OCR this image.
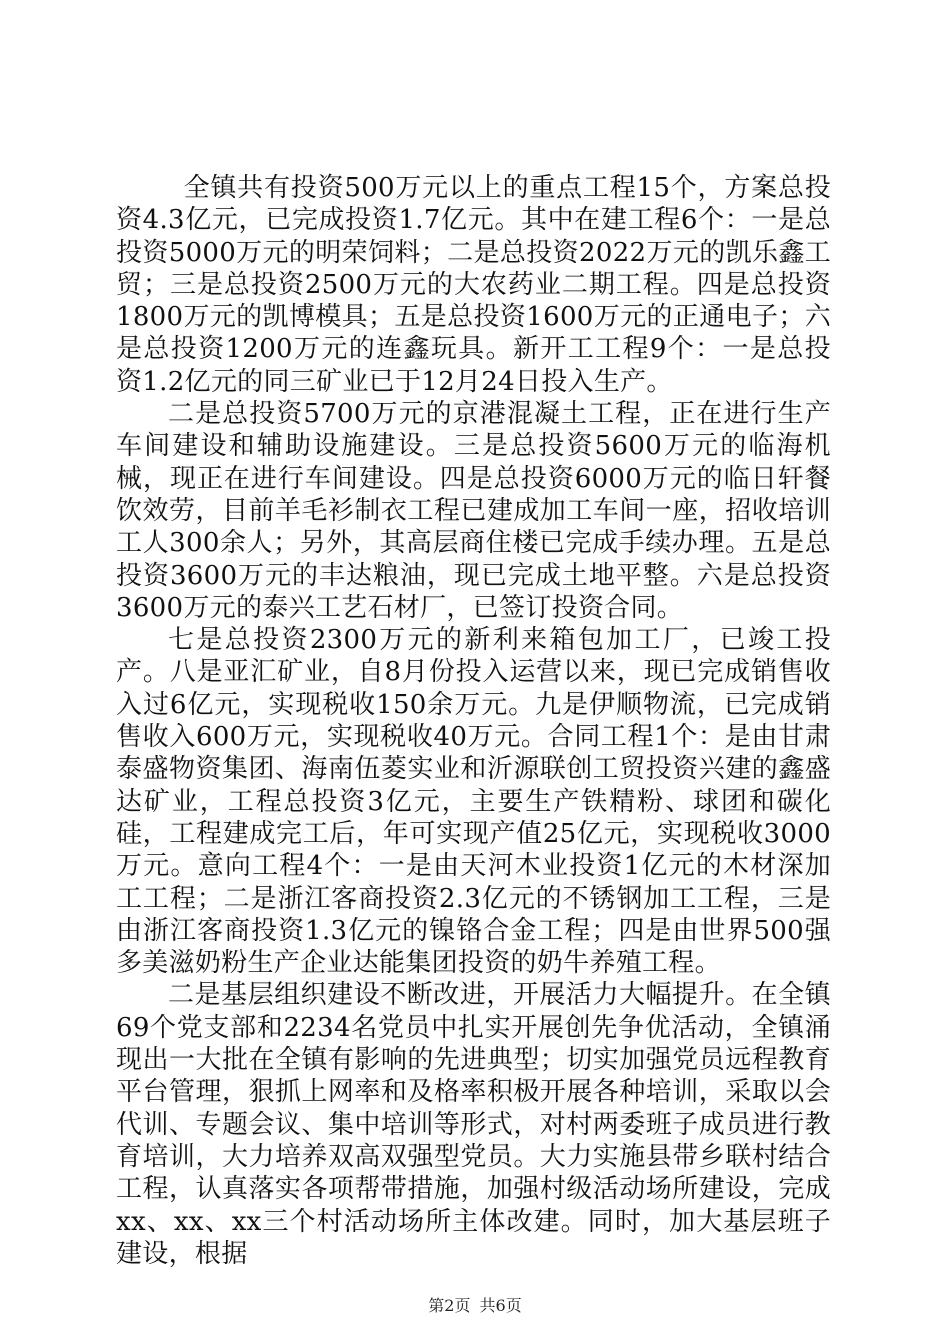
全镇共有投资500万元以上的重点工程15个，方案总投资4.3亿元，已完成投资1.7亿元。其中在建工程6个：一是总投资5000万元的明荣饲料；二是总投资2022万元的凯乐鑫工贸；三是总投资2500万元的大农药业二期工程。四是总投资1800万元的凯博模具；五是总投资1600万元的正通电子；六是总投资1200万元的连鑫玩具。新开工工程9个：一是总投资1.2亿元的同三矿业已于12月24日投入生产。

二是总投资5700万元的京港混凝土工程，正在进行生产车间建设和辅助设施建设。三是总投资5600万元的临海机械，现正在进行车间建设。四是总投资6000万元的临日轩餐饮效劳，目前羊毛衫制衣工程已建成加工车间一座，招收培训工人300余人；另外，其高层商住楼已完成手续办理。五是总投资3600万元的丰达粮油，现已完成土地平整。六是总投资3600万元的泰兴工艺石材厂，已签订投资合同。

七是总投资2300万元的新利来箱包加工厂，已竣工投产。八是亚汇矿业，自8月份投入运营以来，现已完成销售收入过6亿元，实现税收150余万元。九是伊顺物流，已完成销售收入600万元，实现税收40万元。合同工程1个：是由甘肃泰盛物资集团、海南伍菱实业和沂源联创工贸投资兴建的鑫盛达矿业，工程总投资3亿元，主要生产铁精粉、球团和碳化硅，工程建成完工后，年可实现产值25亿元，实现税收3000万元。意向工程4个：一是由天河木业投资1亿元的木材深加工工程；二是浙江客商投资2.3亿元的不锈钢加工工程，三是由浙江客商投资1.3亿元的镍铬合金工程；四是由世界500强多美滋奶粉生产企业达能集团投资的奶牛养殖工程。

二是基层组织建设不断改进，开展活力大幅提升。在全镇69个党支部和2234名党员中扎实开展创先争优活动，全镇涌现出一大批在全镇有影响的先进典型；切实加强党员远程教育平台管理，狠抓上网率和及格率积极开展各种培训，采取以会代训、专题会议、集中培训等形式，对村两委班子成员进行教育培训，大力培养双高双强型党员。大力实施县带乡联村结合工程，认真落实各项帮带措施，加强村级活动场所建设，完成xx、xx、xx三个村活动场所主体改建。同时，加大基层班子建设，根据

第2页 共6页
